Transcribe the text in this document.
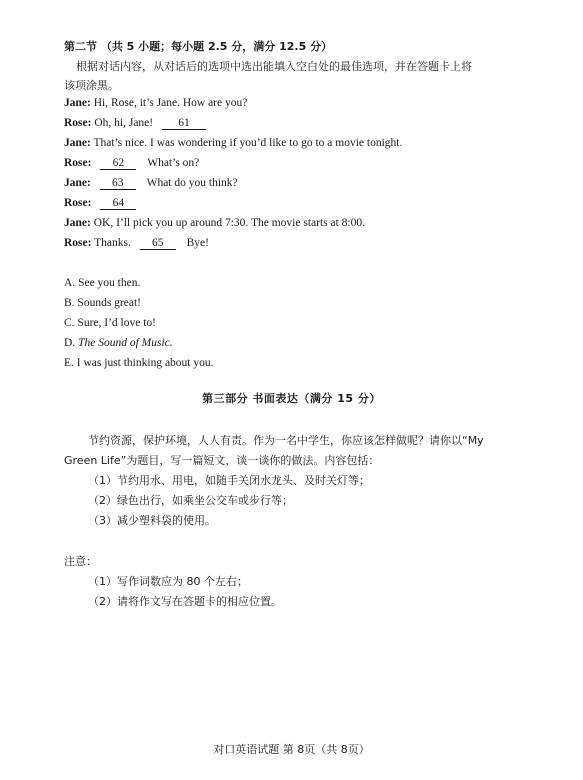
第二节 （共 5 小题；每小题 2.5 分，满分 12.5 分）
根据对话内容，从对话后的选项中选出能填入空白处的最佳选项，并在答题卡上将
该项涂黑。
Jane: Hi, Rose, it’s Jane. How are you?
Rose: Oh, hi, Jane! 61
Jane: That’s nice. I was wondering if you’d like to go to a movie tonight.
Rose: 62 What’s on?
Jane: 63 What do you think?
Rose: 64
Jane: OK, I’ll pick you up around 7:30. The movie starts at 8:00.
Rose: Thanks. 65 Bye!
A. See you then.
B. Sounds great!
C. Sure, I’d love to!
D. The Sound of Music.
E. I was just thinking about you.
第三部分 书面表达（满分 15 分）
节约资源，保护环境，人人有责。作为一名中学生，你应该怎样做呢？请你以“My
Green Life”为题目，写一篇短文，谈一谈你的做法。内容包括：
（1）节约用水、用电，如随手关闭水龙头、及时关灯等；
（2）绿色出行，如乘坐公交车或步行等；
（3）减少塑料袋的使用。
注意：
（1）写作词数应为 80 个左右；
（2）请将作文写在答题卡的相应位置。
对口英语试题 第 8页（共 8页）
